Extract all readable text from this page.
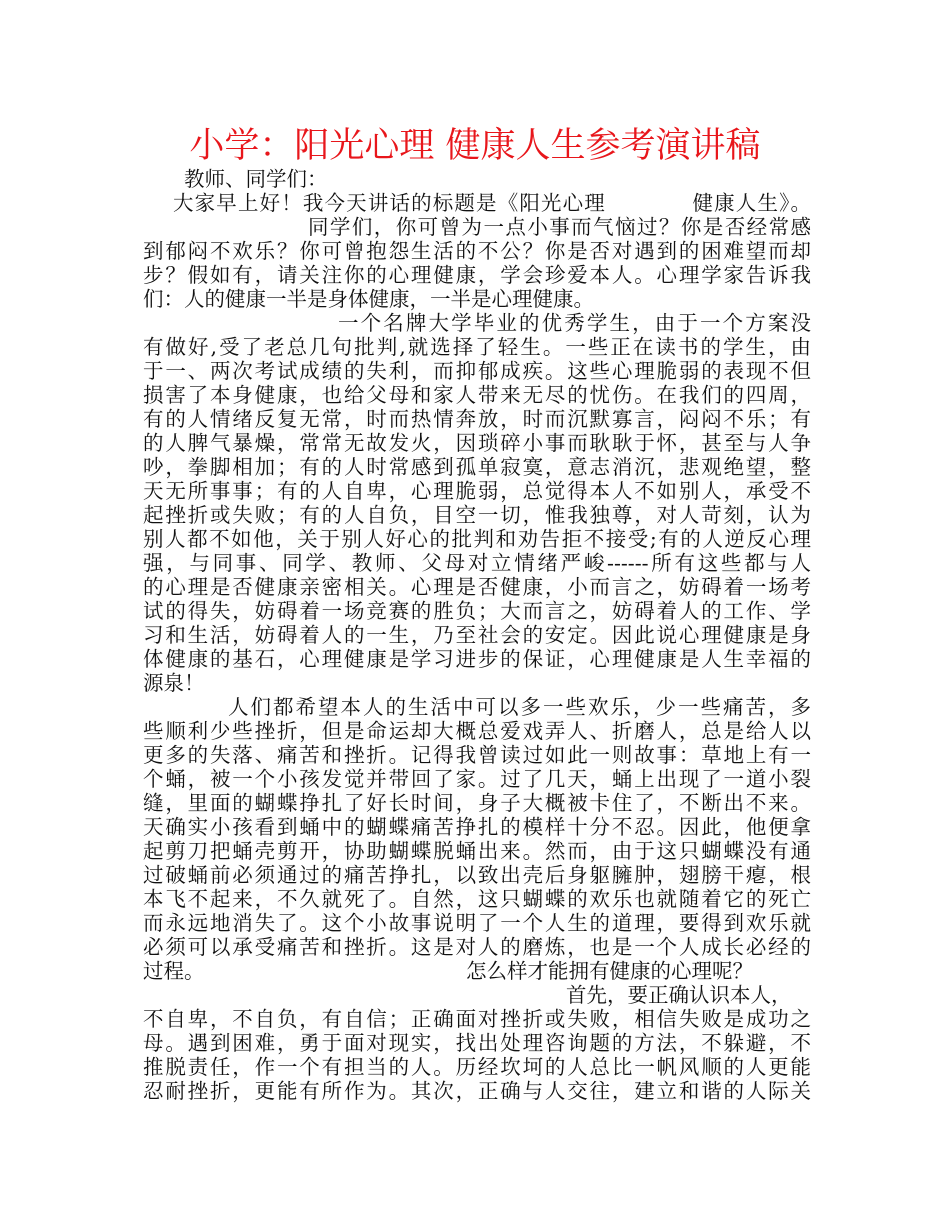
小学：阳光心理 健康人生参考演讲稿
教师、同学们：
大家早上好！我今天讲话的标题是《阳光心理　　　　健康人生》。
同学们，你可曾为一点小事而气恼过？你是否经常感
到郁闷不欢乐？你可曾抱怨生活的不公？你是否对遇到的困难望而却
步？假如有，请关注你的心理健康，学会珍爱本人。心理学家告诉我
们：人的健康一半是身体健康，一半是心理健康。
一个名牌大学毕业的优秀学生，由于一个方案没
有做好,受了老总几句批判,就选择了轻生。一些正在读书的学生，由
于一、两次考试成绩的失利，而抑郁成疾。这些心理脆弱的表现不但
损害了本身健康，也给父母和家人带来无尽的忧伤。在我们的四周，
有的人情绪反复无常，时而热情奔放，时而沉默寡言，闷闷不乐；有
的人脾气暴燥，常常无故发火，因琐碎小事而耿耿于怀，甚至与人争
吵，拳脚相加；有的人时常感到孤单寂寞，意志消沉，悲观绝望，整
天无所事事；有的人自卑，心理脆弱，总觉得本人不如别人，承受不
起挫折或失败；有的人自负，目空一切，惟我独尊，对人苛刻，认为
别人都不如他，关于别人好心的批判和劝告拒不接受;有的人逆反心理
强，与同事、同学、教师、父母对立情绪严峻------所有这些都与人
的心理是否健康亲密相关。心理是否健康，小而言之，妨碍着一场考
试的得失，妨碍着一场竞赛的胜负；大而言之，妨碍着人的工作、学
习和生活，妨碍着人的一生，乃至社会的安定。因此说心理健康是身
体健康的基石，心理健康是学习进步的保证，心理健康是人生幸福的
源泉！
人们都希望本人的生活中可以多一些欢乐，少一些痛苦，多
些顺利少些挫折，但是命运却大概总爱戏弄人、折磨人，总是给人以
更多的失落、痛苦和挫折。记得我曾读过如此一则故事：草地上有一
个蛹，被一个小孩发觉并带回了家。过了几天，蛹上出现了一道小裂
缝，里面的蝴蝶挣扎了好长时间，身子大概被卡住了，不断出不来。
天确实小孩看到蛹中的蝴蝶痛苦挣扎的模样十分不忍。因此，他便拿
起剪刀把蛹壳剪开，协助蝴蝶脱蛹出来。然而，由于这只蝴蝶没有通
过破蛹前必须通过的痛苦挣扎，以致出壳后身躯臃肿，翅膀干瘪，根
本飞不起来，不久就死了。自然，这只蝴蝶的欢乐也就随着它的死亡
而永远地消失了。这个小故事说明了一个人生的道理，要得到欢乐就
必须可以承受痛苦和挫折。这是对人的磨炼，也是一个人成长必经的
过程。	怎么样才能拥有健康的心理呢？
首先，要正确认识本人，
不自卑，不自负，有自信；正确面对挫折或失败，相信失败是成功之
母。遇到困难，勇于面对现实，找出处理咨询题的方法，不躲避，不
推脱责任，作一个有担当的人。历经坎坷的人总比一帆风顺的人更能
忍耐挫折，更能有所作为。其次，正确与人交往，建立和谐的人际关
